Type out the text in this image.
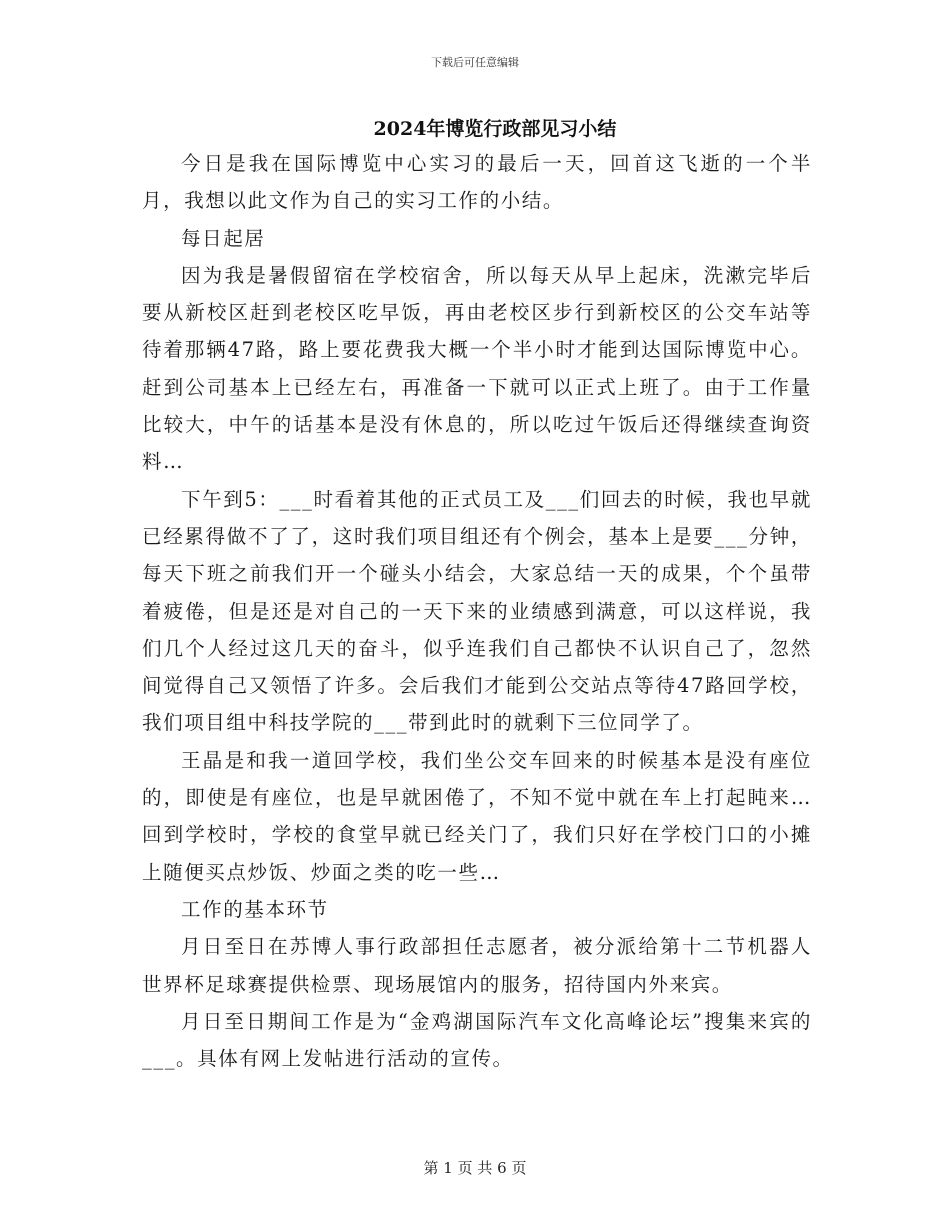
下载后可任意编辑
2024年博览行政部见习小结

今日是我在国际博览中心实习的最后一天，回首这飞逝的一个半月，我想以此文作为自己的实习工作的小结。

每日起居

因为我是暑假留宿在学校宿舍，所以每天从早上起床，洗漱完毕后要从新校区赶到老校区吃早饭，再由老校区步行到新校区的公交车站等待着那辆47路，路上要花费我大概一个半小时才能到达国际博览中心。赶到公司基本上已经左右，再准备一下就可以正式上班了。由于工作量比较大，中午的话基本是没有休息的，所以吃过午饭后还得继续查询资料…

下午到5：___时看着其他的正式员工及___们回去的时候，我也早就已经累得做不了了，这时我们项目组还有个例会，基本上是要___分钟，每天下班之前我们开一个碰头小结会，大家总结一天的成果，个个虽带着疲倦，但是还是对自己的一天下来的业绩感到满意，可以这样说，我们几个人经过这几天的奋斗，似乎连我们自己都快不认识自己了，忽然间觉得自己又领悟了许多。会后我们才能到公交站点等待47路回学校，我们项目组中科技学院的___带到此时的就剩下三位同学了。

王晶是和我一道回学校，我们坐公交车回来的时候基本是没有座位的，即使是有座位，也是早就困倦了，不知不觉中就在车上打起盹来…回到学校时，学校的食堂早就已经关门了，我们只好在学校门口的小摊上随便买点炒饭、炒面之类的吃一些…

工作的基本环节

月日至日在苏博人事行政部担任志愿者，被分派给第十二节机器人世界杯足球赛提供检票、现场展馆内的服务，招待国内外来宾。

月日至日期间工作是为“金鸡湖国际汽车文化高峰论坛”搜集来宾的___。具体有网上发帖进行活动的宣传。

第 1 页 共 6 页
